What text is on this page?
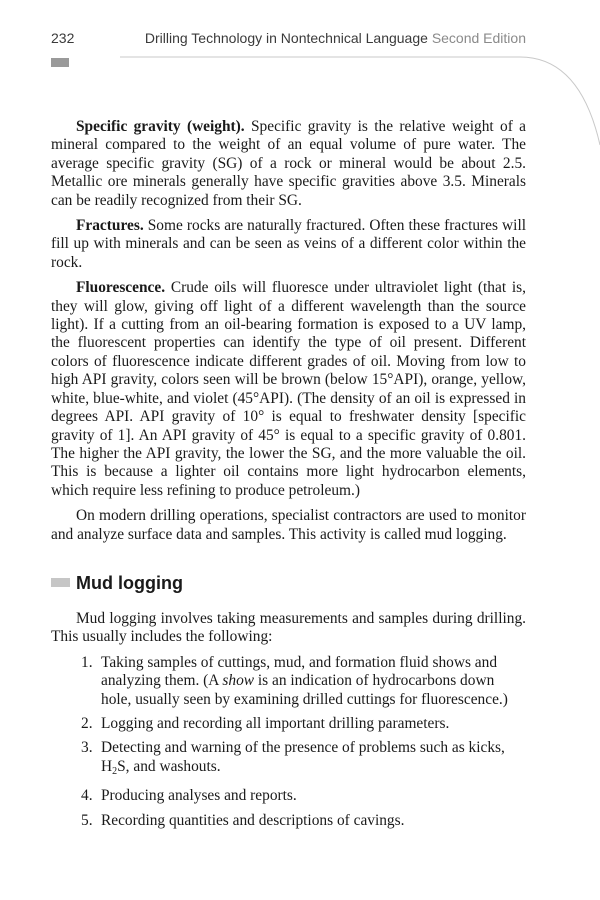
232	Drilling Technology in Nontechnical Language Second Edition

Specific gravity (weight). Specific gravity is the relative weight of a mineral compared to the weight of an equal volume of pure water. The average specific gravity (SG) of a rock or mineral would be about 2.5. Metallic ore minerals generally have specific gravities above 3.5. Minerals can be readily recognized from their SG.

Fractures. Some rocks are naturally fractured. Often these fractures will fill up with minerals and can be seen as veins of a different color within the rock.

Fluorescence. Crude oils will fluoresce under ultraviolet light (that is, they will glow, giving off light of a different wavelength than the source light). If a cutting from an oil-bearing formation is exposed to a UV lamp, the fluorescent properties can identify the type of oil present. Different colors of fluorescence indicate different grades of oil. Moving from low to high API gravity, colors seen will be brown (below 15°API), orange, yellow, white, blue-white, and violet (45°API). (The density of an oil is expressed in degrees API. API gravity of 10° is equal to freshwater density [specific gravity of 1]. An API gravity of 45° is equal to a specific gravity of 0.801. The higher the API gravity, the lower the SG, and the more valuable the oil. This is because a lighter oil contains more light hydrocarbon elements, which require less refining to produce petroleum.)

On modern drilling operations, specialist contractors are used to monitor and analyze surface data and samples. This activity is called mud logging.

Mud logging

Mud logging involves taking measurements and samples during drilling. This usually includes the following:

1. Taking samples of cuttings, mud, and formation fluid shows and analyzing them. (A show is an indication of hydrocarbons down hole, usually seen by examining drilled cuttings for fluorescence.)
2. Logging and recording all important drilling parameters.
3. Detecting and warning of the presence of problems such as kicks, $H_2S$, and washouts.
4. Producing analyses and reports.
5. Recording quantities and descriptions of cavings.
